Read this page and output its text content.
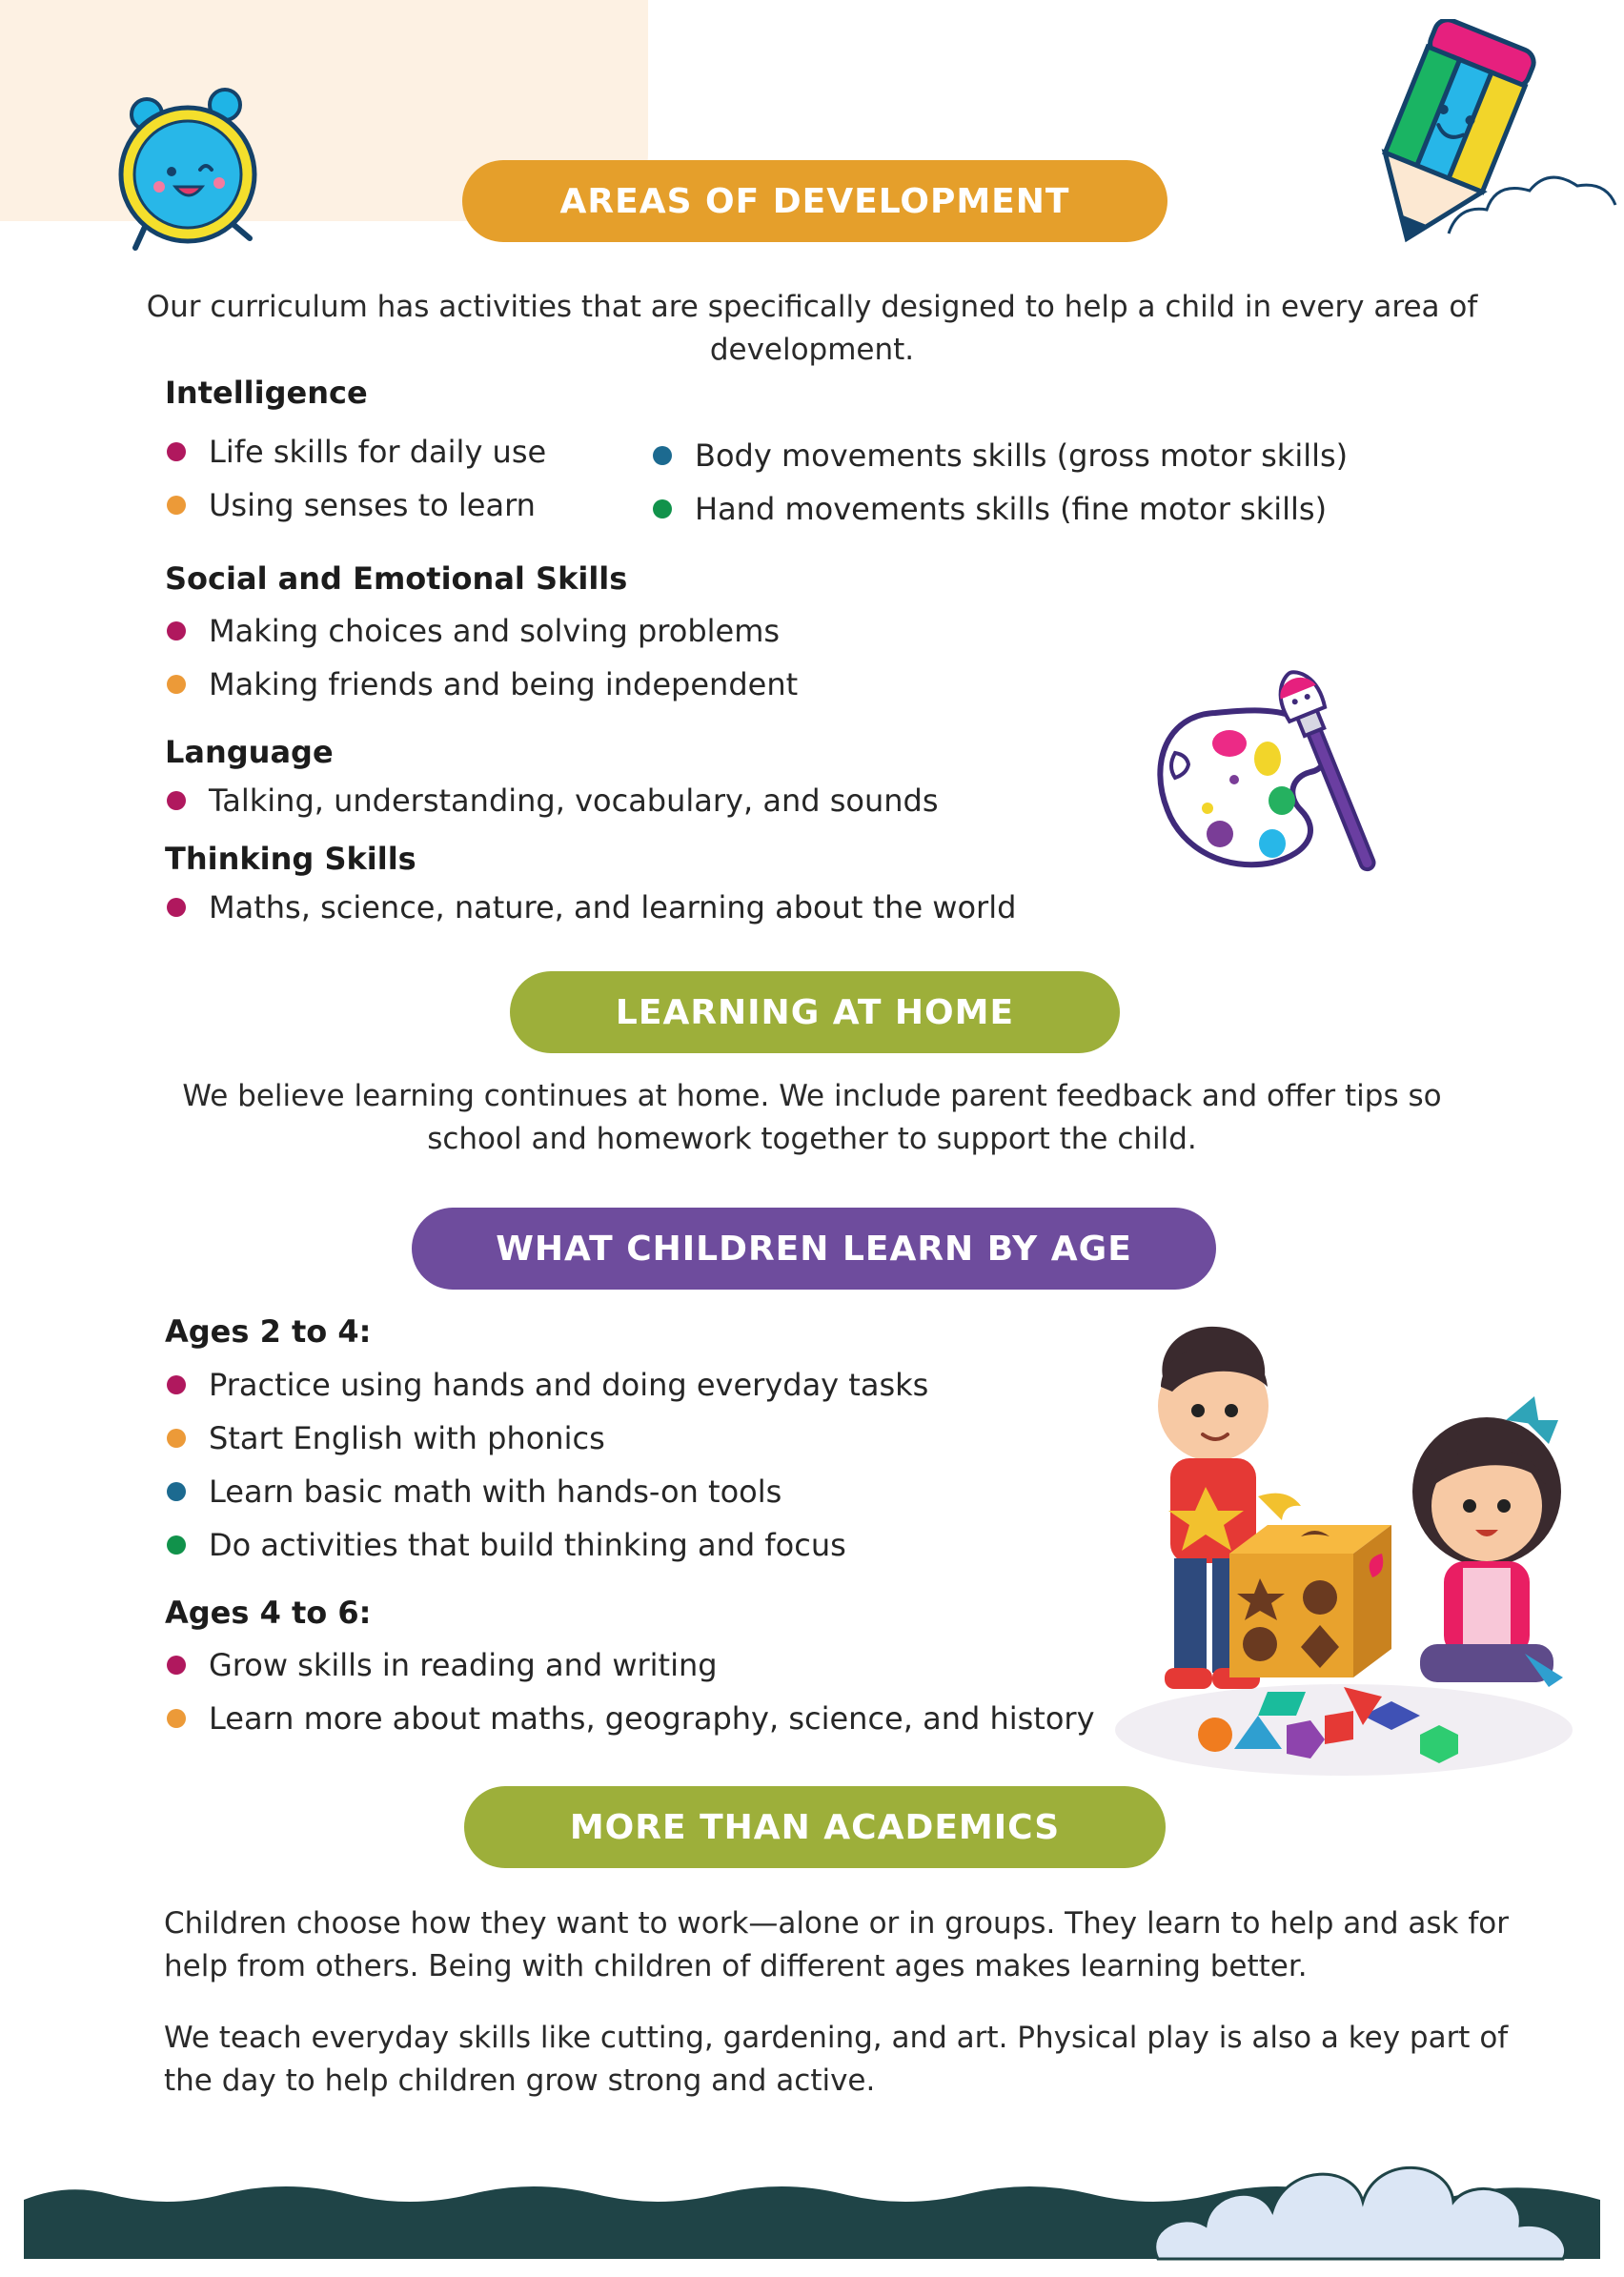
AREAS OF DEVELOPMENT
Our curriculum has activities that are specifically designed to help a child in every area of development.
Intelligence
Life skills for daily use
Using senses to learn
Body movements skills (gross motor skills)
Hand movements skills (fine motor skills)
Social and Emotional Skills
Making choices and solving problems
Making friends and being independent
Language
Talking, understanding, vocabulary, and sounds
Thinking Skills
Maths, science, nature, and learning about the world
LEARNING AT HOME
We believe learning continues at home. We include parent feedback and offer tips so school and homework together to support the child.
WHAT CHILDREN LEARN BY AGE
Ages 2 to 4:
Practice using hands and doing everyday tasks
Start English with phonics
Learn basic math with hands-on tools
Do activities that build thinking and focus
Ages 4 to 6:
Grow skills in reading and writing
Learn more about maths, geography, science, and history
MORE THAN ACADEMICS
Children choose how they want to work—alone or in groups. They learn to help and ask for help from others. Being with children of different ages makes learning better.
We teach everyday skills like cutting, gardening, and art. Physical play is also a key part of the day to help children grow strong and active.
